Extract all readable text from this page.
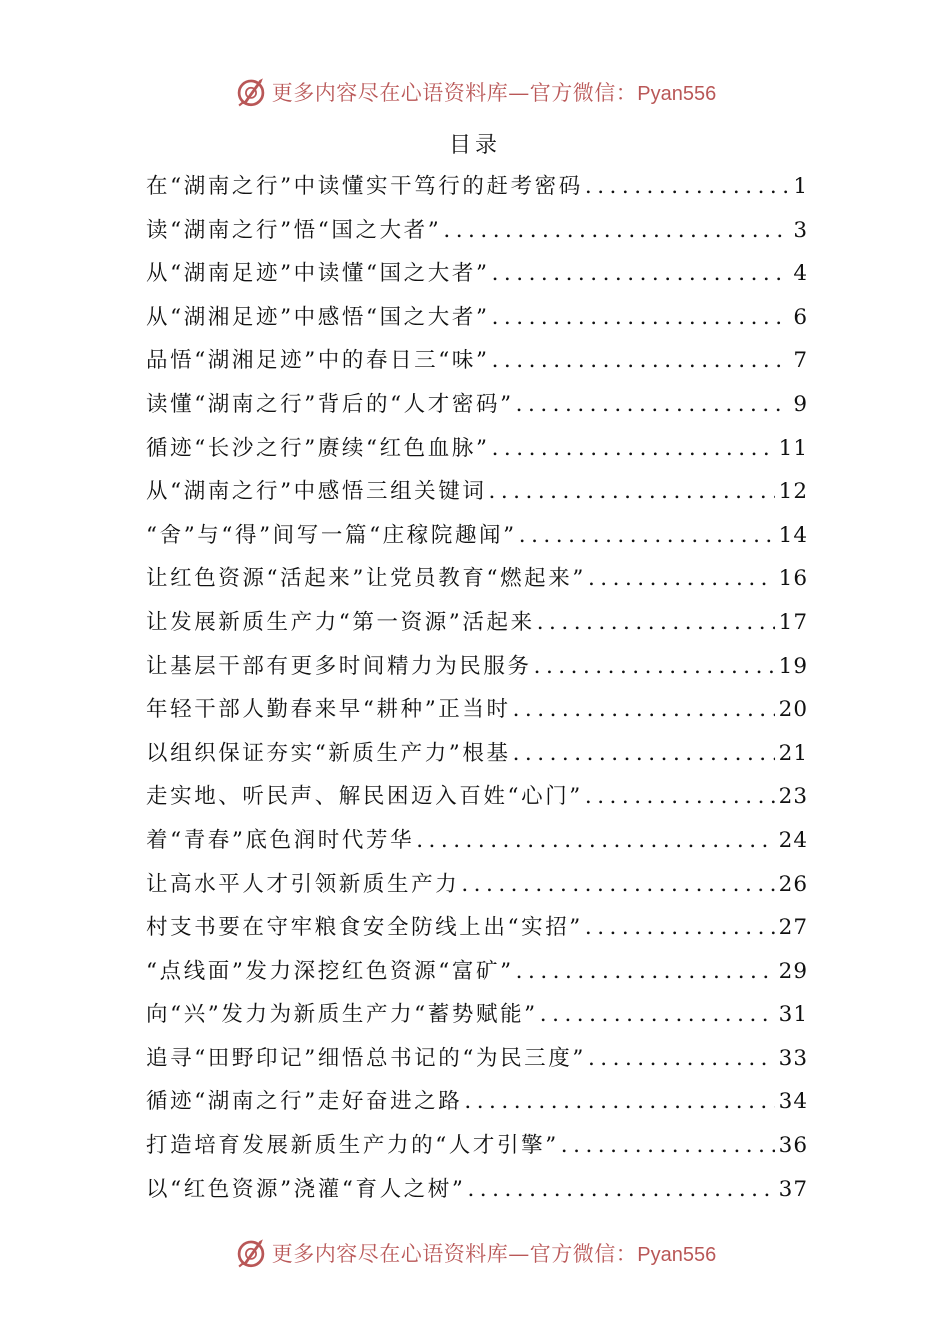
更多内容尽在心语资料库—官方微信：Pyan556
目录
在“湖南之行”中读懂实干笃行的赶考密码 .....	1
读“湖南之行”悟“国之大者” .....	3
从“湖南足迹”中读懂“国之大者” .....	4
从“湖湘足迹”中感悟“国之大者” .....	6
品悟“湖湘足迹”中的春日三“味” .....	7
读懂“湖南之行”背后的“人才密码” .....	9
循迹“长沙之行”赓续“红色血脉” .....	11
从“湖南之行”中感悟三组关键词 .....	12
“舍”与“得”间写一篇“庄稼院趣闻” .....	14
让红色资源“活起来”让党员教育“燃起来” .....	16
让发展新质生产力“第一资源”活起来 .....	17
让基层干部有更多时间精力为民服务 .....	19
年轻干部人勤春来早“耕种”正当时 .....	20
以组织保证夯实“新质生产力”根基 .....	21
走实地、听民声、解民困迈入百姓“心门” .....	23
着“青春”底色润时代芳华 .....	24
让高水平人才引领新质生产力 .....	26
村支书要在守牢粮食安全防线上出“实招” .....	27
“点线面”发力深挖红色资源“富矿” .....	29
向“兴”发力为新质生产力“蓄势赋能” .....	31
追寻“田野印记”细悟总书记的“为民三度” .....	33
循迹“湖南之行”走好奋进之路 .....	34
打造培育发展新质生产力的“人才引擎” .....	36
以“红色资源”浇灌“育人之树” .....	37
更多内容尽在心语资料库—官方微信：Pyan556
